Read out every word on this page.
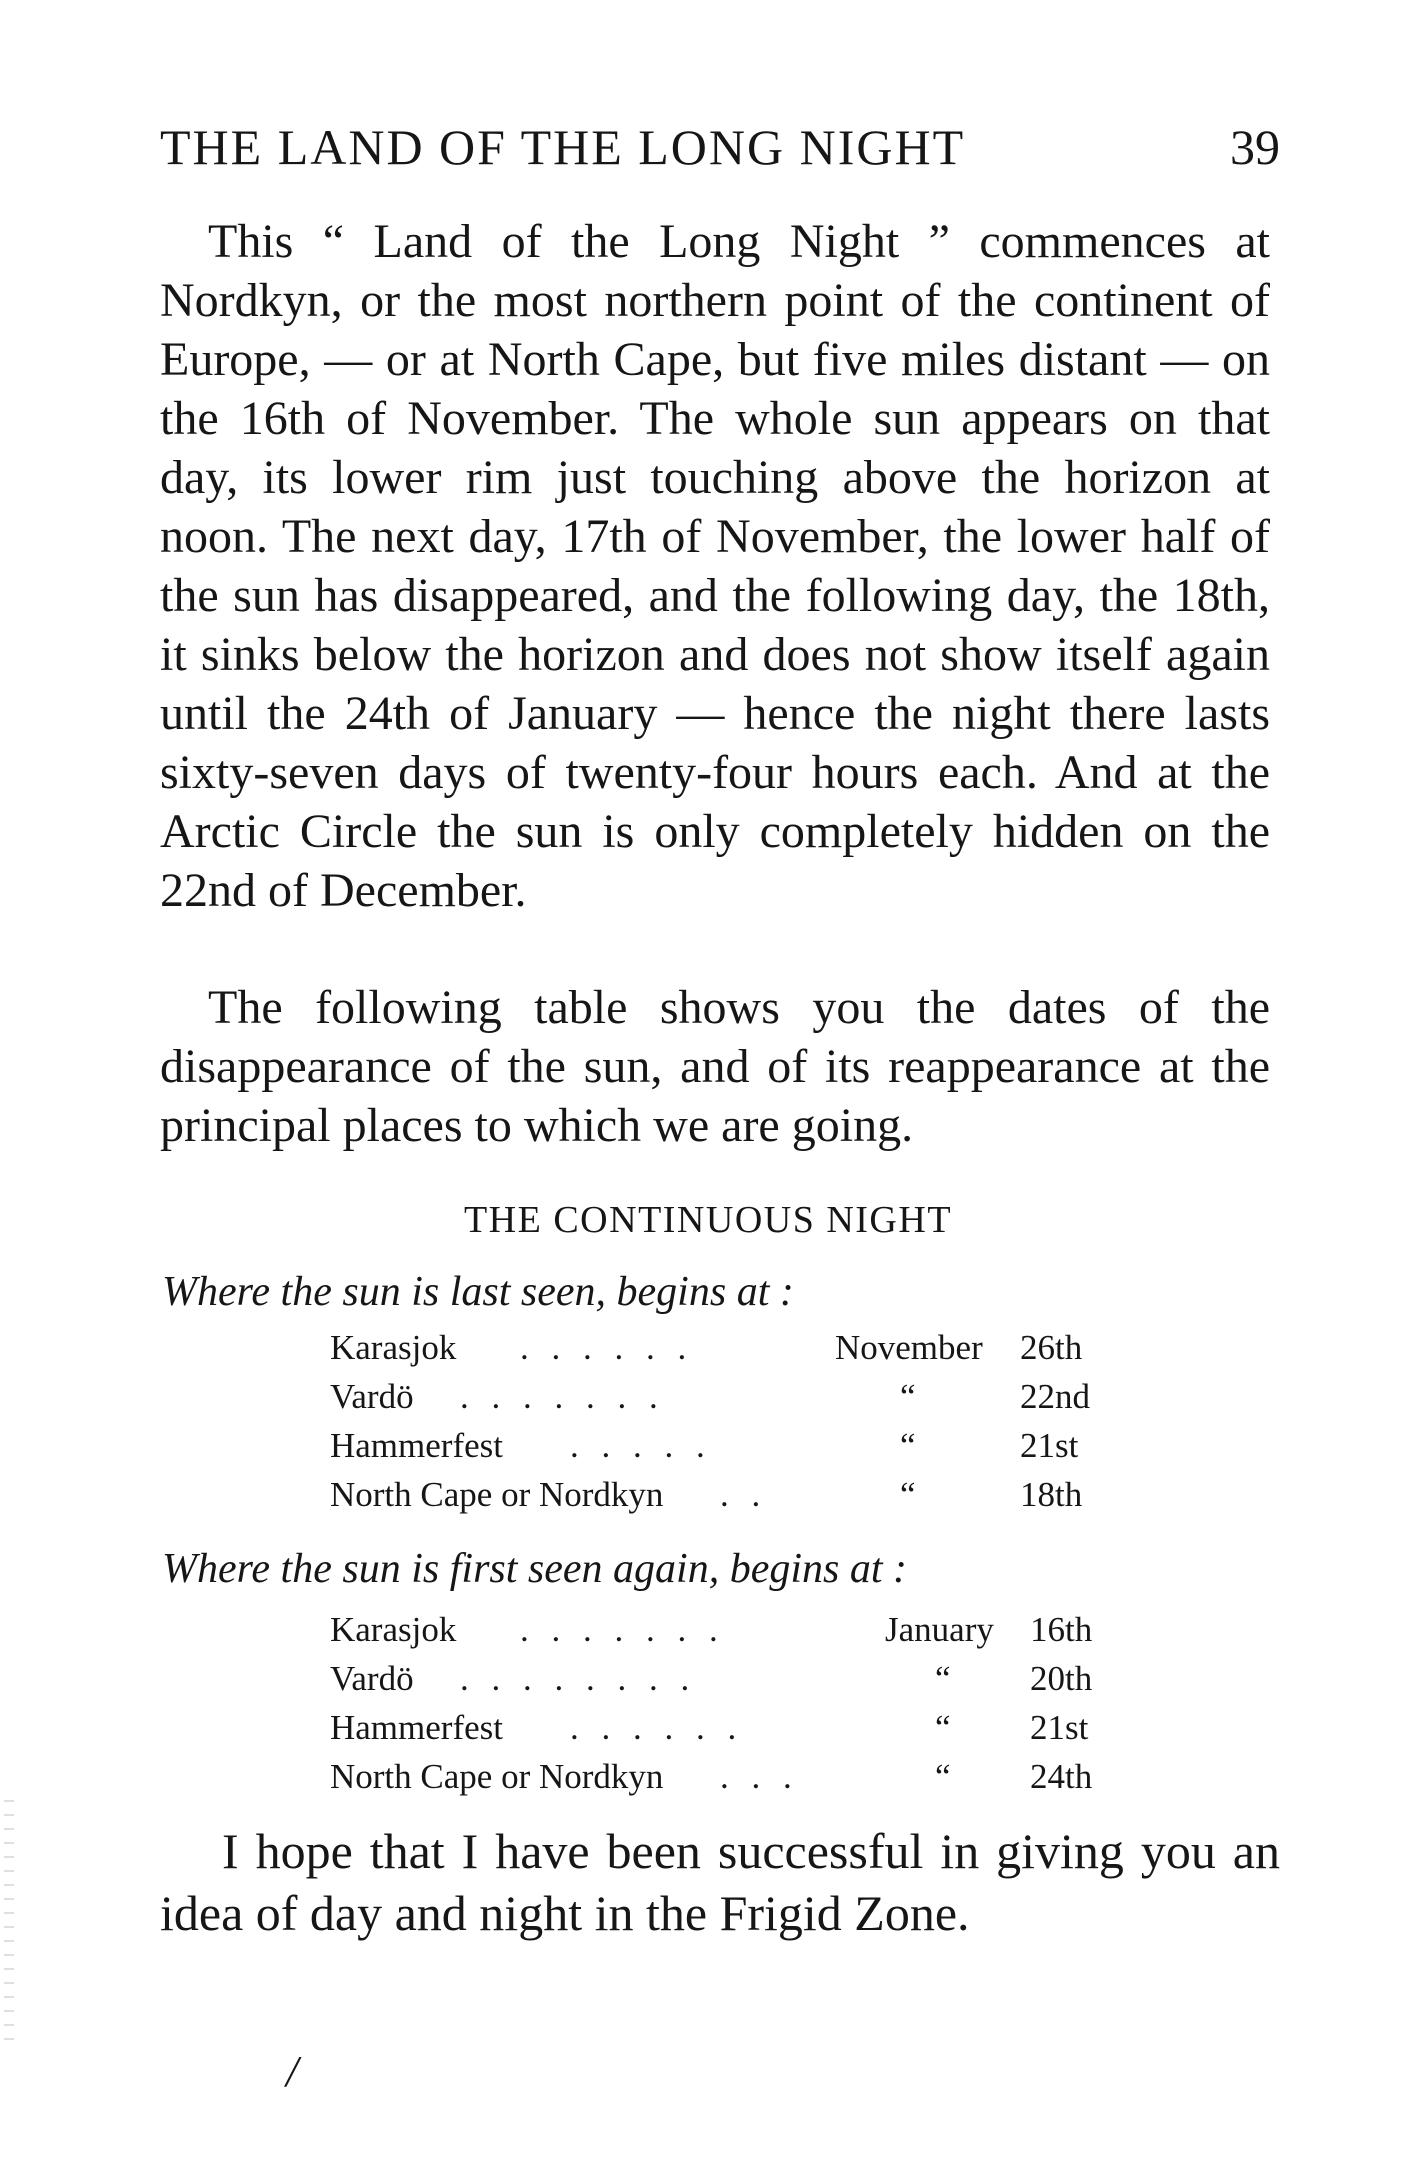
THE LAND OF THE LONG NIGHT	39

This “ Land of the Long Night ” commences at Nordkyn, or the most northern point of the continent of Europe, — or at North Cape, but five miles distant — on the 16th of November. The whole sun appears on that day, its lower rim just touching above the horizon at noon. The next day, 17th of November, the lower half of the sun has disappeared, and the following day, the 18th, it sinks below the horizon and does not show itself again until the 24th of January — hence the night there lasts sixty-seven days of twenty-four hours each. And at the Arctic Circle the sun is only completely hidden on the 22nd of December.

The following table shows you the dates of the disappearance of the sun, and of its reappearance at the principal places to which we are going.

THE CONTINUOUS NIGHT

Where the sun is last seen, begins at :

Karasjok . . . . . .	November 26th
Vardö . . . . . . .	“	22nd
Hammerfest . . . . .	“	21st
North Cape or Nordkyn . .	“	18th

Where the sun is first seen again, begins at :

Karasjok . . . . . . .	January 16th
Vardö . . . . . . . .	“ 20th
Hammerfest . . . . . .	“ 21st
North Cape or Nordkyn . . .	“ 24th

I hope that I have been successful in giving you an idea of day and night in the Frigid Zone.

/
